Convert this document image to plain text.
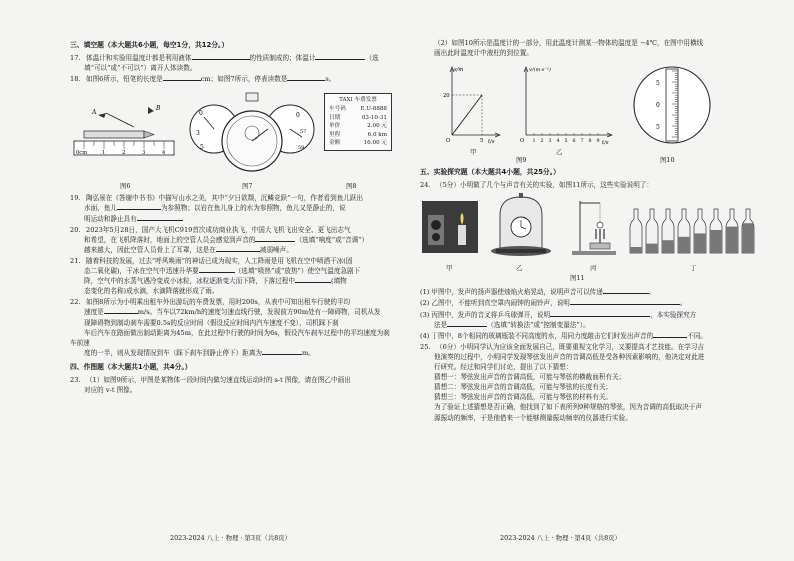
三、填空题（本大题共6小题，每空1分，共12分。）
17. 体温计和实验用温度计都是利用液体	的性质制成的；体温计	（选
填“可以”或“不可以”）离开人体读数。
18. 如图6所示，铅笔的长度是	cm；如图7所示，停表读数是	s。
A
B
0cm	1	2	3	4
图6
0
3
5
0
57
59
图7
TAXI 车费发票
车号码	E.U-8888
日期	03-10-31
单价	2.00 元
里程	6.0 km
金额	16.00 元
图8
19. 陶弘景在《答谢中书书》中描写山水之美，其中“夕日欲颓，沉鳞竞跃”一句，作者看到鱼儿跃出
水面，鱼儿	为参照物；以岩在鱼儿身上的水为参照物，鱼儿又是静止的，说
明运动和静止具有
20. 2023年5月28日，国产大飞机C919首次成功商业执飞，中国大飞机飞出安全、更飞出志气
和希望，在飞机降落时，地面上的空管人员会感觉到声音的	（选填“响度”或“音调”）
越来越大，因此空管人员骨上了耳罩，这是在	减弱噪声。
21. 随着科技的发展，过去“呼风唤雨”的神话已成为现实，人工降雨是用飞机在空中喷洒干冰(固
态二氧化碳)，干冰在空气中迅速升华要	（选填“吸热”或“放热”）使空气温度急剧下
降，空气中的水蒸气遇冷变成小冰粒，冰粒逐渐变大而下降，下落过程中	(填物
态变化的名称)成水滴，水滴降落就形成了雨。
22. 如图8所示为小明乘出租车外出游玩的车费发票，用时200s，从表中可知出租车行驶的平均
速度是	m/s。当车以72km/h的速度匀速直线行驶，发现前方90m处有一障碍物，司机从发
现障碍物到制动刹车需要0.5s的反应时间（假设反应时间内汽车速度不变），司机踩下刹
车后汽车在路面做出制动距离为45m，在此过程中行驶的时间为6s，假设汽车刹车过程中的平均速度为刹车前速
度的一半，则从发现情况到车（踩下刹车到静止停下）距离为	m。
四、作图题（本大题共1小题，共4分。）
23. （1）如图9所示，甲图是某物体一段时间内做匀速直线运动时的 s-t 图像，请在图乙中画出
对应的 v-t 图像。
2023-2024 八上 · 物理 · 第3页（共8页）
（2）如图10所示是温度计的一部分，用此温度计测某一物体的温度是 −4℃，在图中用横线
画出此时温度计中液柱的到位置。
s/m
20
5 t/s
O
甲
1 2 3 4 5 6 7 8 9
v/(m·s⁻¹)
t/s
O
乙
图9
5
0
5
图10
五、实验探究题（本大题共4小题，共25分。）
24. （5分）小明做了几个与声音有关的实验，如图11所示，这些实验说明了：
甲	乙	丙	丁
图11
(1) 甲图中，发声的扬声器使烛焰火焰晃动，说明声音可以传递	。
(2) 乙图中，不能听到真空罩内闹钟的闹铃声，说明	。
(3) 丙图中，发声的音叉将乒乓球弹开，说明	，本实验探究方
法是	（选填“转换法”或“控制变量法”）。
(4) 丁图中，8个相同的玻璃瓶装不同高度的水，用同力度敲击它们时发出声音的	不同。
25. （6分）小明同学认为应该全面发展自己，既要重视文化学习，又要提高才艺技能。在学习吉
他演奏的过程中，小明同学发现琴弦发出声音的音调高低是受各种因素影响的，他决定对此进
行研究。经过和同学们讨论，提出了以下猜想：
猜想一：琴弦发出声音的音调高低，可能与琴弦的横截面积有关；
猜想二：琴弦发出声音的音调高低，可能与琴弦的长度有关；
猜想三：琴弦发出声音的音调高低，可能与琴弦的材料有关。
为了验证上述猜想是否正确，他找到了如下表所列9种规格的琴弦，因为音调的高低取决于声
源振动的频率，于是他借来一个能够测量振动频率的仪器进行实验。
2023-2024 八上 · 物理 · 第4页（共8页）
